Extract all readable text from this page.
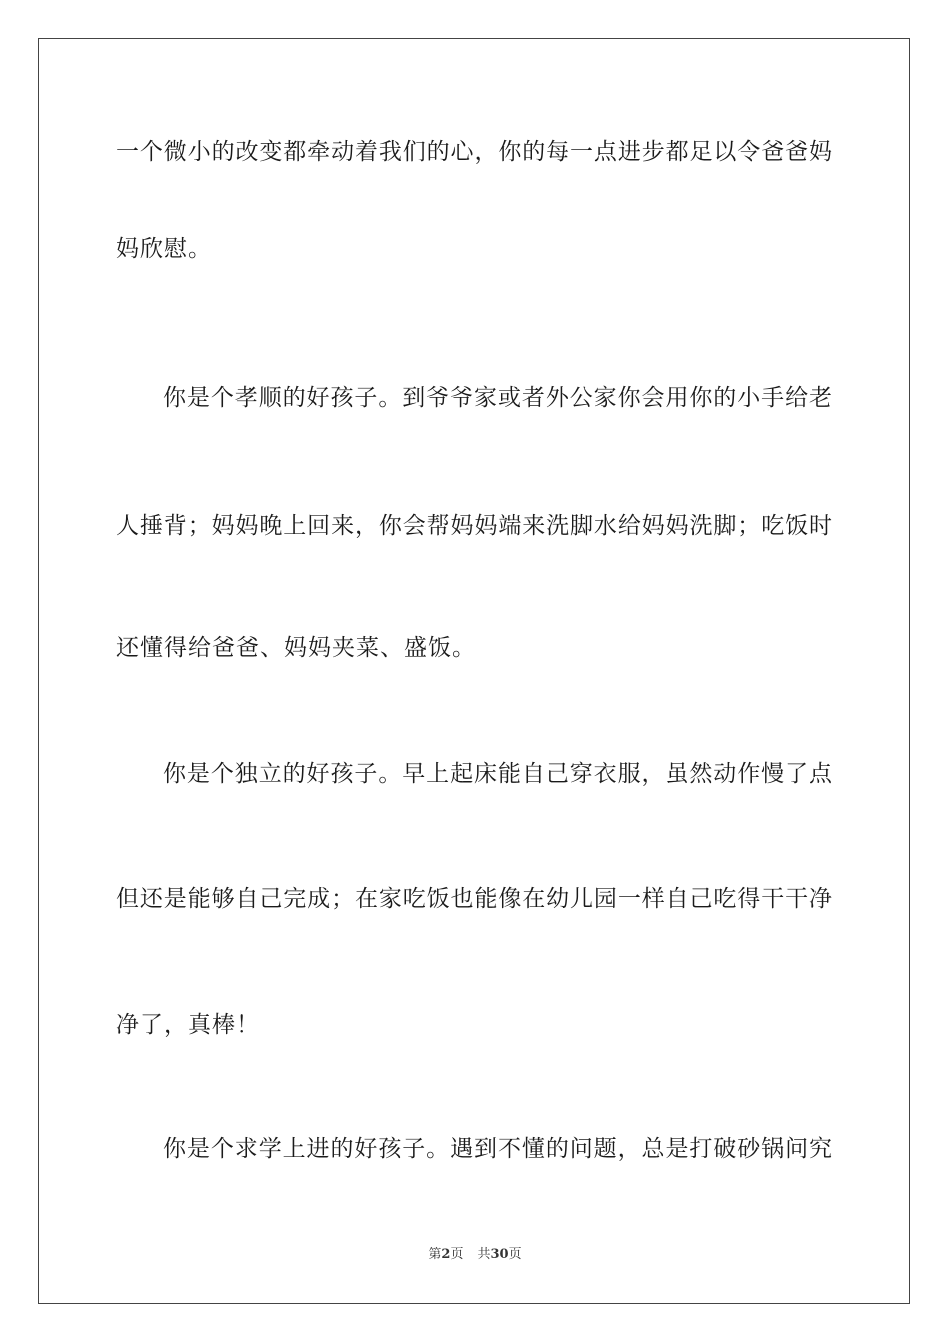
一个微小的改变都牵动着我们的心，你的每一点进步都足以令爸爸妈
妈欣慰。
你是个孝顺的好孩子。到爷爷家或者外公家你会用你的小手给老
人捶背；妈妈晚上回来，你会帮妈妈端来洗脚水给妈妈洗脚；吃饭时
还懂得给爸爸、妈妈夹菜、盛饭。
你是个独立的好孩子。早上起床能自己穿衣服，虽然动作慢了点
但还是能够自己完成；在家吃饭也能像在幼儿园一样自己吃得干干净
净了，真棒！
你是个求学上进的好孩子。遇到不懂的问题，总是打破砂锅问究
第2页 共30页
